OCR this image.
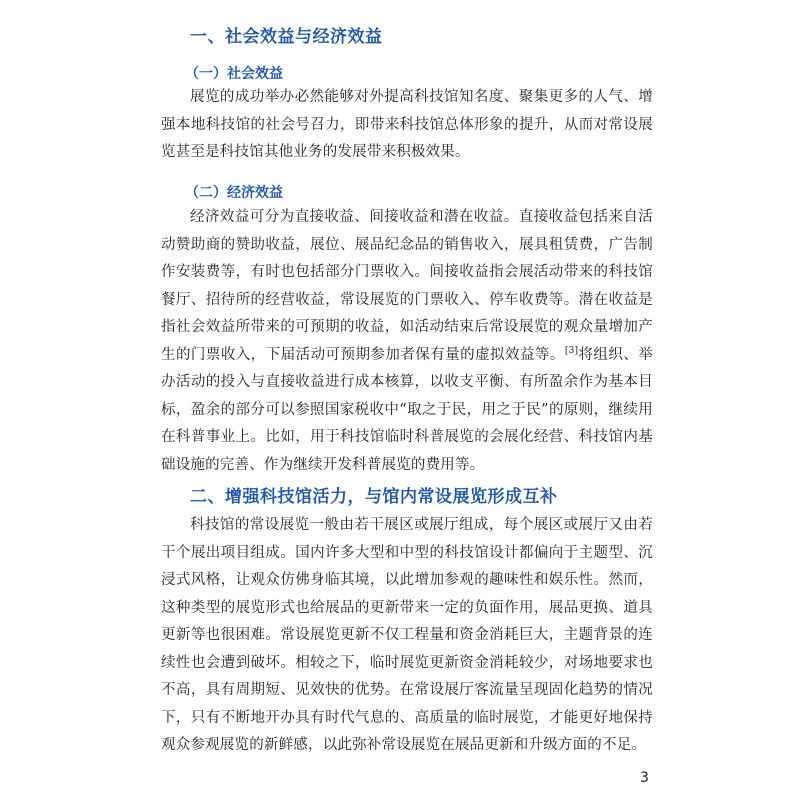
一、社会效益与经济效益
（一）社会效益

展览的成功举办必然能够对外提高科技馆知名度、聚集更多的人气、增强本地科技馆的社会号召力，即带来科技馆总体形象的提升，从而对常设展览甚至是科技馆其他业务的发展带来积极效果。

（二）经济效益

经济效益可分为直接收益、间接收益和潜在收益。直接收益包括来自活动赞助商的赞助收益，展位、展品纪念品的销售收入，展具租赁费，广告制作安装费等，有时也包括部分门票收入。间接收益指会展活动带来的科技馆餐厅、招待所的经营收益，常设展览的门票收入、停车收费等。潜在收益是指社会效益所带来的可预期的收益，如活动结束后常设展览的观众量增加产生的门票收入，下届活动可预期参加者保有量的虚拟效益等。[3]将组织、举办活动的投入与直接收益进行成本核算，以收支平衡、有所盈余作为基本目标，盈余的部分可以参照国家税收中“取之于民，用之于民”的原则，继续用在科普事业上。比如，用于科技馆临时科普展览的会展化经营、科技馆内基础设施的完善、作为继续开发科普展览的费用等。

二、增强科技馆活力，与馆内常设展览形成互补

科技馆的常设展览一般由若干展区或展厅组成，每个展区或展厅又由若干个展出项目组成。国内许多大型和中型的科技馆设计都偏向于主题型、沉浸式风格，让观众仿佛身临其境，以此增加参观的趣味性和娱乐性。然而，这种类型的展览形式也给展品的更新带来一定的负面作用，展品更换、道具更新等也很困难。常设展览更新不仅工程量和资金消耗巨大，主题背景的连续性也会遭到破坏。相较之下，临时展览更新资金消耗较少，对场地要求也不高，具有周期短、见效快的优势。在常设展厅客流量呈现固化趋势的情况下，只有不断地开办具有时代气息的、高质量的临时展览，才能更好地保持观众参观展览的新鲜感，以此弥补常设展览在展品更新和升级方面的不足。

3
